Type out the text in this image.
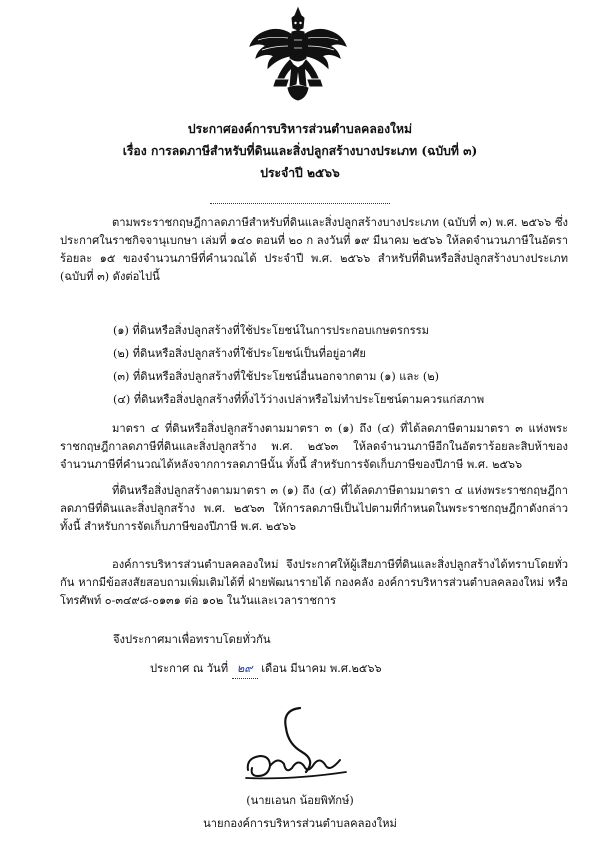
ประกาศองค์การบริหารส่วนตำบลคลองใหม่
เรื่อง การลดภาษีสำหรับที่ดินและสิ่งปลูกสร้างบางประเภท (ฉบับที่ ๓)
ประจำปี ๒๕๖๖
ตามพระราชกฤษฎีกาลดภาษีสำหรับที่ดินและสิ่งปลูกสร้างบางประเภท (ฉบับที่ ๓) พ.ศ. ๒๕๖๖ ซึ่งประกาศในราชกิจจานุเบกษา เล่มที่ ๑๔๐ ตอนที่ ๒๐ ก ลงวันที่ ๑๙ มีนาคม ๒๕๖๖ ให้ลดจำนวนภาษีในอัตราร้อยละ ๑๕ ของจำนวนภาษีที่คำนวณได้ ประจำปี พ.ศ. ๒๕๖๖ สำหรับที่ดินหรือสิ่งปลูกสร้างบางประเภท (ฉบับที่ ๓) ดังต่อไปนี้
(๑) ที่ดินหรือสิ่งปลูกสร้างที่ใช้ประโยชน์ในการประกอบเกษตรกรรม
(๒) ที่ดินหรือสิ่งปลูกสร้างที่ใช้ประโยชน์เป็นที่อยู่อาศัย
(๓) ที่ดินหรือสิ่งปลูกสร้างที่ใช้ประโยชน์อื่นนอกจากตาม (๑) และ (๒)
(๔) ที่ดินหรือสิ่งปลูกสร้างที่ทิ้งไว้ว่างเปล่าหรือไม่ทำประโยชน์ตามควรแก่สภาพ
มาตรา ๔ ที่ดินหรือสิ่งปลูกสร้างตามมาตรา ๓ (๑) ถึง (๔) ที่ได้ลดภาษีตามมาตรา ๓ แห่งพระราชกฤษฎีกาลดภาษีที่ดินและสิ่งปลูกสร้าง พ.ศ. ๒๕๖๓ ให้ลดจำนวนภาษีอีกในอัตราร้อยละสิบห้าของจำนวนภาษีที่คำนวณได้หลังจากการลดภาษีนั้น ทั้งนี้ สำหรับการจัดเก็บภาษีของปีภาษี พ.ศ. ๒๕๖๖
ที่ดินหรือสิ่งปลูกสร้างตามมาตรา ๓ (๑) ถึง (๔) ที่ได้ลดภาษีตามมาตรา ๔ แห่งพระราชกฤษฎีกาลดภาษีที่ดินและสิ่งปลูกสร้าง พ.ศ. ๒๕๖๓ ให้การลดภาษีเป็นไปตามที่กำหนดในพระราชกฤษฎีกาดังกล่าว ทั้งนี้ สำหรับการจัดเก็บภาษีของปีภาษี พ.ศ. ๒๕๖๖
องค์การบริหารส่วนตำบลคลองใหม่ จึงประกาศให้ผู้เสียภาษีที่ดินและสิ่งปลูกสร้างได้ทราบโดยทั่วกัน หากมีข้อสงสัยสอบถามเพิ่มเติมได้ที่ ฝ่ายพัฒนารายได้ กองคลัง องค์การบริหารส่วนตำบลคลองใหม่ หรือ โทรศัพท์ ๐-๓๔๙๘-๐๑๓๑ ต่อ ๑๐๒ ในวันและเวลาราชการ
จึงประกาศมาเพื่อทราบโดยทั่วกัน
ประกาศ ณ วันที่ ๒๙ เดือน มีนาคม พ.ศ.๒๕๖๖
(นายเอนก น้อยพิทักษ์)
นายกองค์การบริหารส่วนตำบลคลองใหม่
